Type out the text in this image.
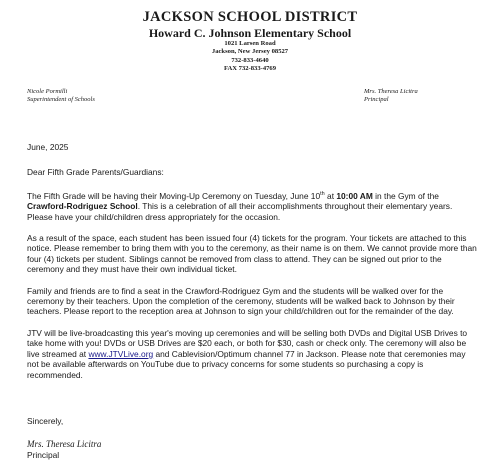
JACKSON SCHOOL DISTRICT
Howard C. Johnson Elementary School
1021 Larsen Road
Jackson, New Jersey 08527
732-833-4640
FAX 732-833-4769
Nicole Pormilli
Superintendent of Schools
Mrs. Theresa Licitra
Principal

June, 2025

Dear Fifth Grade Parents/Guardians:

The Fifth Grade will be having their Moving-Up Ceremony on Tuesday, June 10th at 10:00 AM in the Gym of the Crawford-Rodriguez School. This is a celebration of all their accomplishments throughout their elementary years. Please have your child/children dress appropriately for the occasion.

As a result of the space, each student has been issued four (4) tickets for the program. Your tickets are attached to this notice. Please remember to bring them with you to the ceremony, as their name is on them. We cannot provide more than four (4) tickets per student. Siblings cannot be removed from class to attend. They can be signed out prior to the ceremony and they must have their own individual ticket.

Family and friends are to find a seat in the Crawford-Rodriguez Gym and the students will be walked over for the ceremony by their teachers. Upon the completion of the ceremony, students will be walked back to Johnson by their teachers. Please report to the reception area at Johnson to sign your child/children out for the remainder of the day.

JTV will be live-broadcasting this year's moving up ceremonies and will be selling both DVDs and Digital USB Drives to take home with you! DVDs or USB Drives are $20 each, or both for $30, cash or check only. The ceremony will also be live streamed at www.JTVLive.org and Cablevision/Optimum channel 77 in Jackson. Please note that ceremonies may not be available afterwards on YouTube due to privacy concerns for some students so purchasing a copy is recommended.

Sincerely,

Mrs. Theresa Licitra

Principal
